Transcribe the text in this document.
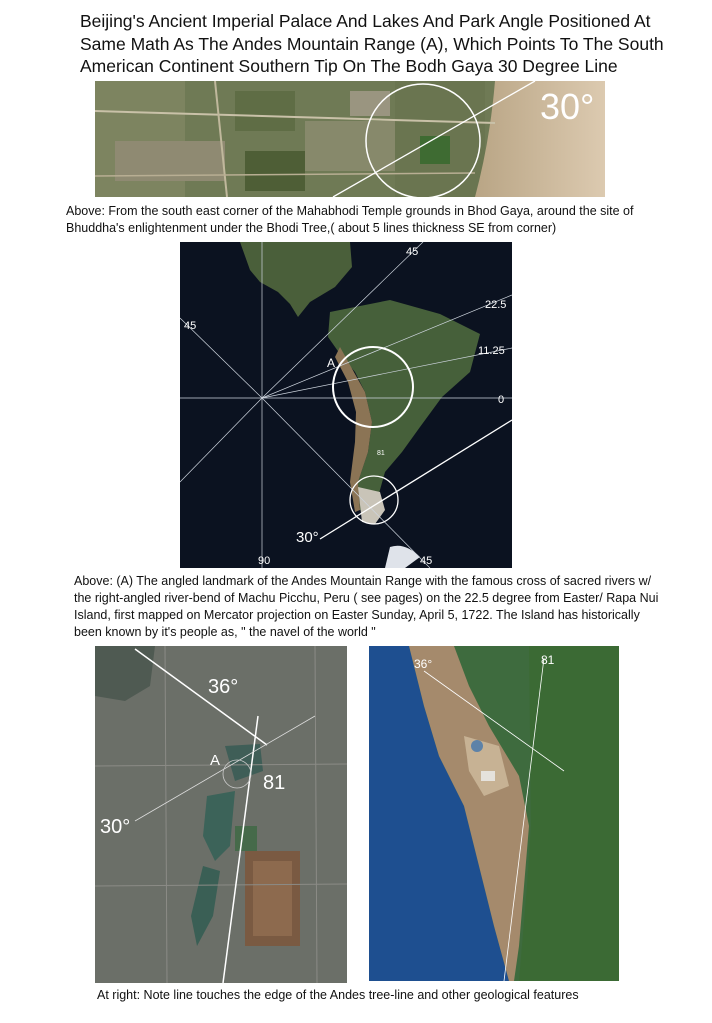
Beijing's Ancient Imperial Palace And Lakes And Park Angle Positioned At Same Math As The Andes Mountain Range (A), Which Points To The South American Continent Southern Tip On The Bodh Gaya 30 Degree Line
30°

Above: From the south east corner of the Mahabhodi Temple grounds in Bhod Gaya, around the site of Bhuddha's enlightenment under the Bhodi Tree,( about 5 lines thickness SE from corner)

45
45
22.5
11.25
0
A
81
30°
90	45

Above: (A) The angled landmark of the Andes Mountain Range with the famous cross of sacred rivers w/ the right-angled river-bend of Machu Picchu, Peru ( see pages) on the 22.5 degree from Easter/ Rapa Nui Island, first mapped on Mercator projection on Easter Sunday, April 5, 1722. The Island has historically been known by it's people as, " the navel of the world "

36°
A
81
30°
36°	81

At right: Note line touches the edge of the Andes tree-line and other geological features
